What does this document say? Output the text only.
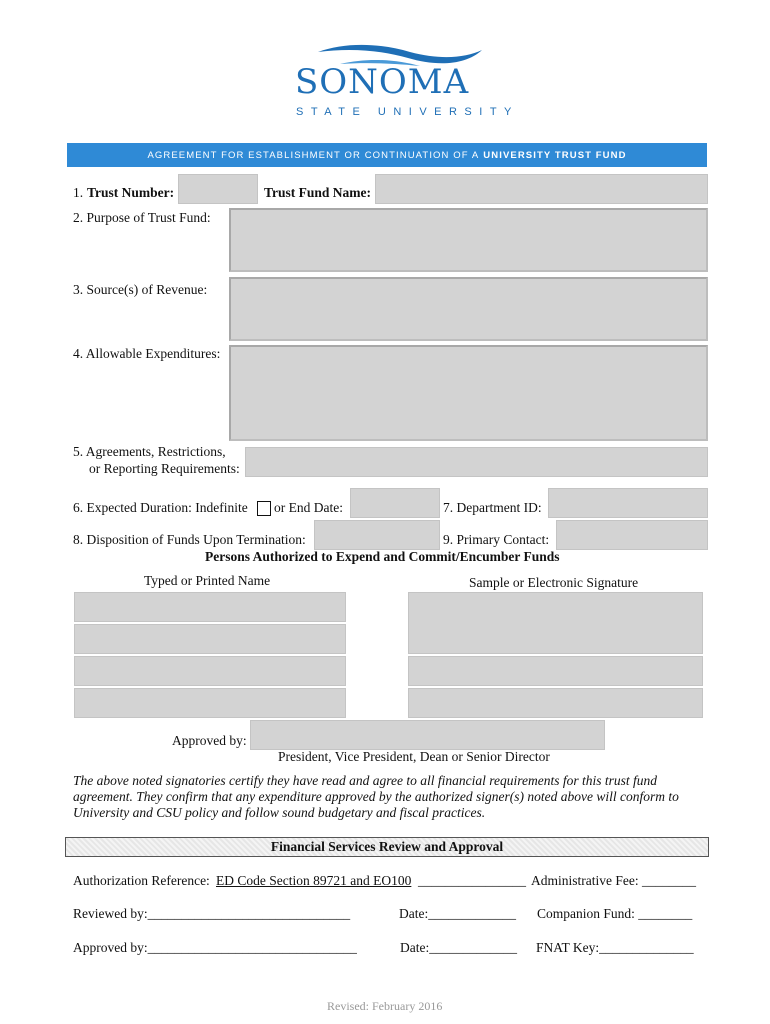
SONOMA
STATE UNIVERSITY
AGREEMENT FOR ESTABLISHMENT OR CONTINUATION OF A UNIVERSITY TRUST FUND
1. Trust Number:	Trust Fund Name:
2. Purpose of Trust Fund:
3. Source(s) of Revenue:
4. Allowable Expenditures:
5. Agreements, Restrictions,
or Reporting Requirements:
6. Expected Duration: Indefinite or End Date:	7. Department ID:
8. Disposition of Funds Upon Termination:	9. Primary Contact:
Persons Authorized to Expend and Commit/Encumber Funds
Typed or Printed Name	Sample or Electronic Signature
Approved by:
President, Vice President, Dean or Senior Director
The above noted signatories certify they have read and agree to all financial requirements for this trust fund agreement. They confirm that any expenditure approved by the authorized signer(s) noted above will conform to University and CSU policy and follow sound budgetary and fiscal practices.
Financial Services Review and Approval
Authorization Reference: ED Code Section 89721 and EO100 ________________ Administrative Fee: ________
Reviewed by:______________________________	Date:_____________ Companion Fund: ________
Approved by:_______________________________	Date:_____________ FNAT Key:______________
Revised: February 2016
